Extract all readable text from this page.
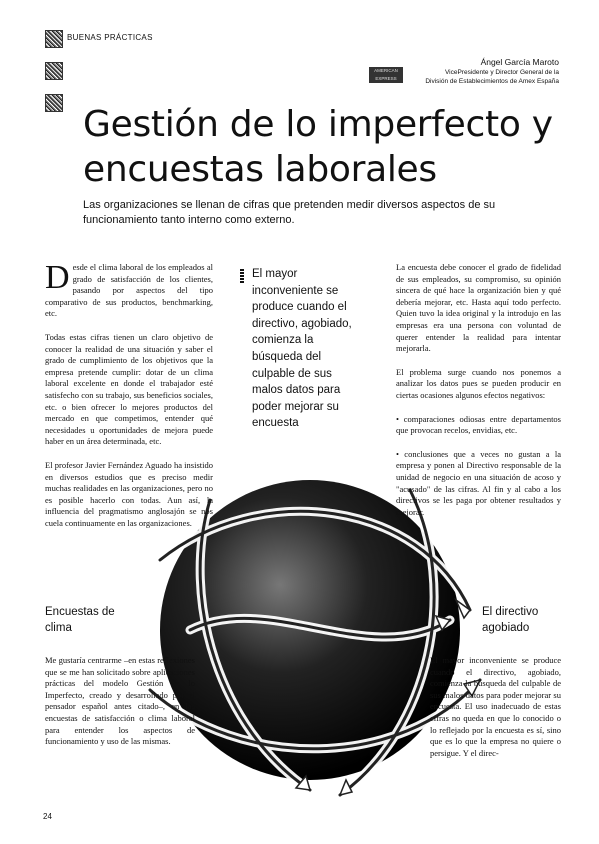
BUENAS PRÁCTICAS
AMERICAN EXPRESS
Ángel García Maroto
VicePresidente y Director General de la
División de Establecimientos de Amex España
Gestión de lo imperfecto y
encuestas laborales
Las organizaciones se llenan de cifras que pretenden medir diversos aspectos de su funcionamiento tanto interno como externo.

Desde el clima laboral de los empleados al grado de satisfacción de los clientes, pasando por aspectos del tipo comparativo de sus productos, benchmarking, etc.

Todas estas cifras tienen un claro objetivo de conocer la realidad de una situación y saber el grado de cumplimiento de los objetivos que la empresa pretende cumplir: dotar de un clima laboral excelente en donde el trabajador esté satisfecho con su trabajo, sus beneficios sociales, etc. o bien ofrecer lo mejores productos del mercado en que competimos, entender qué necesidades u oportunidades de mejora puede haber en un área determinada, etc.

El profesor Javier Fernández Aguado ha insistido en diversos estudios que es preciso medir muchas realidades en las organizaciones, pero no es posible hacerlo con todas. Aun así, la influencia del pragmatismo anglosajón se nos cuela continuamente en las organizaciones.

Encuestas de
clima

Me gustaría centrarme –en estas reflexiones que se me han solicitado sobre aplicaciones prácticas del modelo Gestión de lo Imperfecto, creado y desarrollado por el pensador español antes citado–, en las encuestas de satisfacción o clima laboral para entender los aspectos de funcionamiento y uso de las mismas.

El mayor
inconveniente se
produce cuando el
directivo, agobiado,
comienza la
búsqueda del
culpable de sus
malos datos para
poder mejorar su
encuesta

La encuesta debe conocer el grado de fidelidad de sus empleados, su compromiso, su opinión sincera de qué hace la organización bien y qué debería mejorar, etc. Hasta aquí todo perfecto. Quien tuvo la idea original y la introdujo en las empresas era una persona con voluntad de querer entender la realidad para intentar mejorarla.

El problema surge cuando nos ponemos a analizar los datos pues se pueden producir en ciertas ocasiones algunos efectos negativos:

• comparaciones odiosas entre departamentos que provocan recelos, envidias, etc.

• conclusiones que a veces no gustan a la empresa y ponen al Directivo responsable de la unidad de negocio en una situación de acoso y "acusado" de las cifras. Al fin y al cabo a los directivos se les paga por obtener resultados y mejorar.

El directivo
agobiado

El mayor inconveniente se produce cuando el directivo, agobiado, comienza la búsqueda del culpable de sus malos datos para poder mejorar su encuesta. El uso inadecuado de estas cifras no queda en que lo conocido o lo reflejado por la encuesta es sí, sino que es lo que la empresa no quiere o persigue. Y el direc-

24
